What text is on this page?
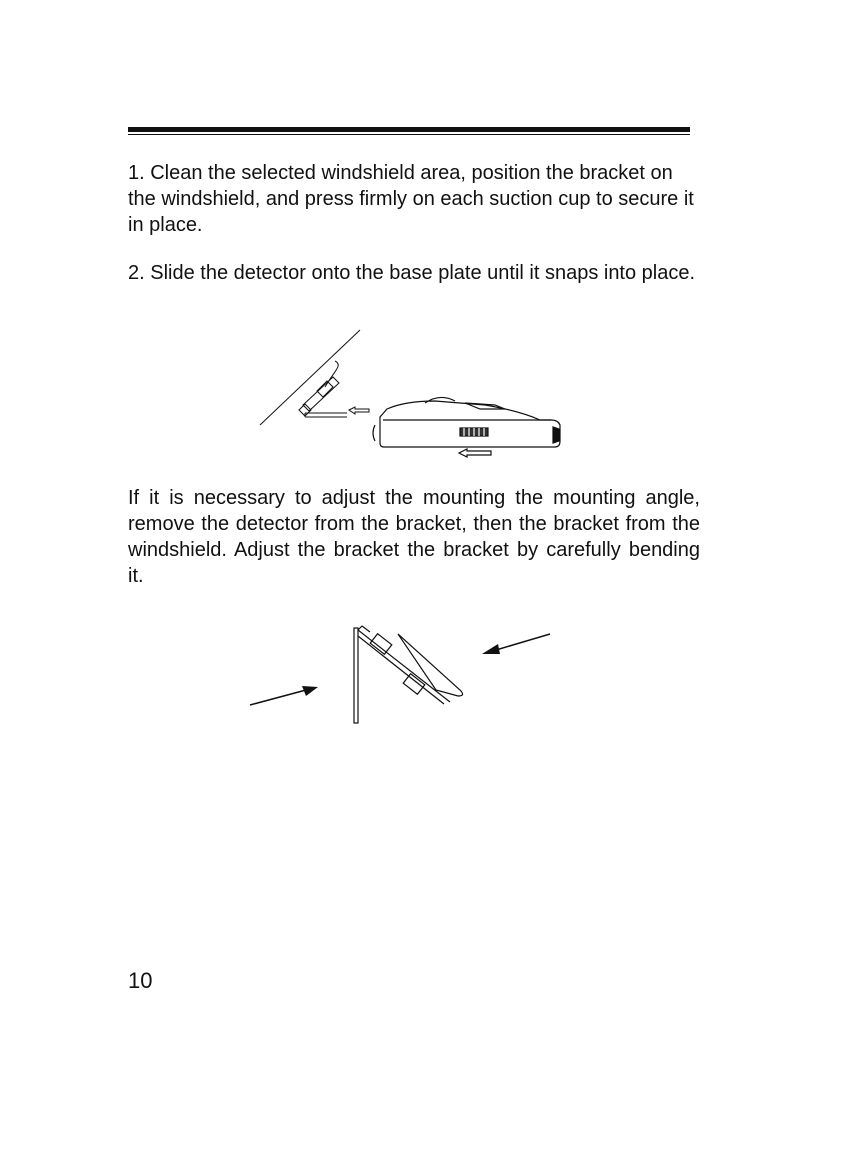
1. Clean the selected windshield area, position the bracket on the windshield, and press firmly on each suction cup to secure it in place.

2. Slide the detector onto the base plate until it snaps into place.

If it is necessary to adjust the mounting the mounting angle, remove the detector from the bracket, then the bracket from the windshield. Adjust the bracket the bracket by carefully bending it.

10
